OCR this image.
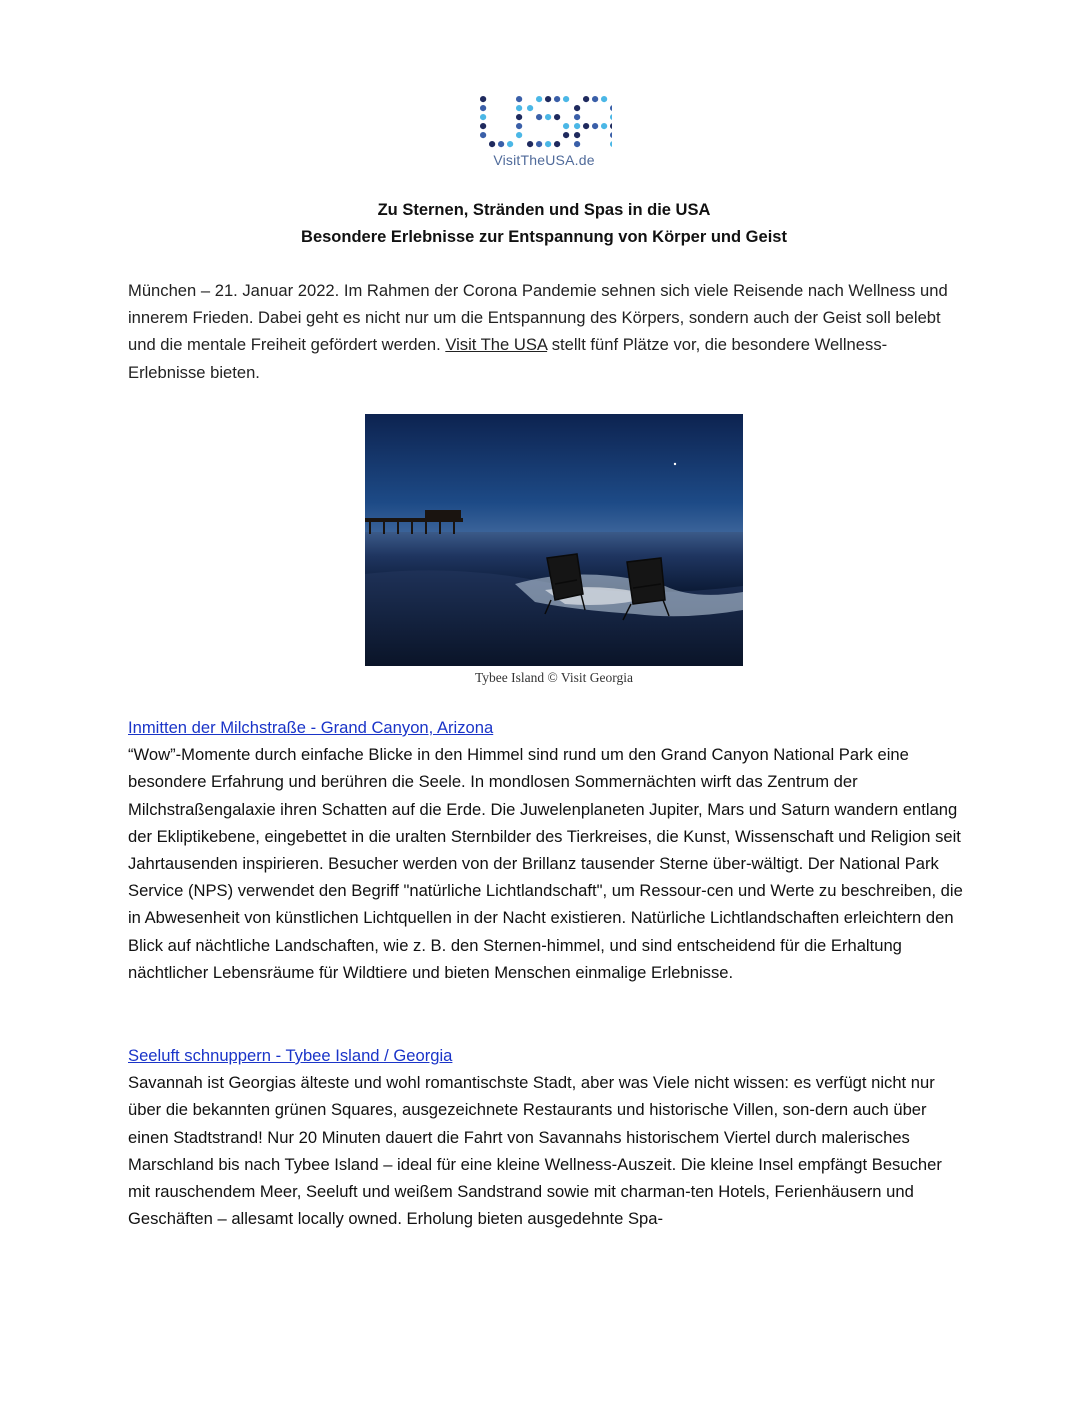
VisitTheUSA.de

Zu Sternen, Stränden und Spas in die USA

Besondere Erlebnisse zur Entspannung von Körper und Geist

München – 21. Januar 2022. Im Rahmen der Corona Pandemie sehnen sich viele Reisende nach Wellness und innerem Frieden. Dabei geht es nicht nur um die Entspannung des Körpers, sondern auch der Geist soll belebt und die mentale Freiheit gefördert werden. Visit The USA stellt fünf Plätze vor, die besondere Wellness-Erlebnisse bieten.

Tybee Island © Visit Georgia
Inmitten der Milchstraße - Grand Canyon, Arizona

“Wow”-Momente durch einfache Blicke in den Himmel sind rund um den Grand Canyon National Park eine besondere Erfahrung und berühren die Seele. In mondlosen Sommernächten wirft das Zentrum der Milchstraßengalaxie ihren Schatten auf die Erde. Die Juwelenplaneten Jupiter, Mars und Saturn wandern entlang der Ekliptikebene, eingebettet in die uralten Sternbilder des Tierkreises, die Kunst, Wissenschaft und Religion seit Jahrtausenden inspirieren. Besucher werden von der Brillanz tausender Sterne über-wältigt. Der National Park Service (NPS) verwendet den Begriff "natürliche Lichtlandschaft", um Ressour-cen und Werte zu beschreiben, die in Abwesenheit von künstlichen Lichtquellen in der Nacht existieren. Natürliche Lichtlandschaften erleichtern den Blick auf nächtliche Landschaften, wie z. B. den Sternen-himmel, und sind entscheidend für die Erhaltung nächtlicher Lebensräume für Wildtiere und bieten Menschen einmalige Erlebnisse.

Seeluft schnuppern - Tybee Island / Georgia

Savannah ist Georgias älteste und wohl romantischste Stadt, aber was Viele nicht wissen: es verfügt nicht nur über die bekannten grünen Squares, ausgezeichnete Restaurants und historische Villen, son-dern auch über einen Stadtstrand! Nur 20 Minuten dauert die Fahrt von Savannahs historischem Viertel durch malerisches Marschland bis nach Tybee Island – ideal für eine kleine Wellness-Auszeit. Die kleine Insel empfängt Besucher mit rauschendem Meer, Seeluft und weißem Sandstrand sowie mit charman-ten Hotels, Ferienhäusern und Geschäften – allesamt locally owned. Erholung bieten ausgedehnte Spa-
